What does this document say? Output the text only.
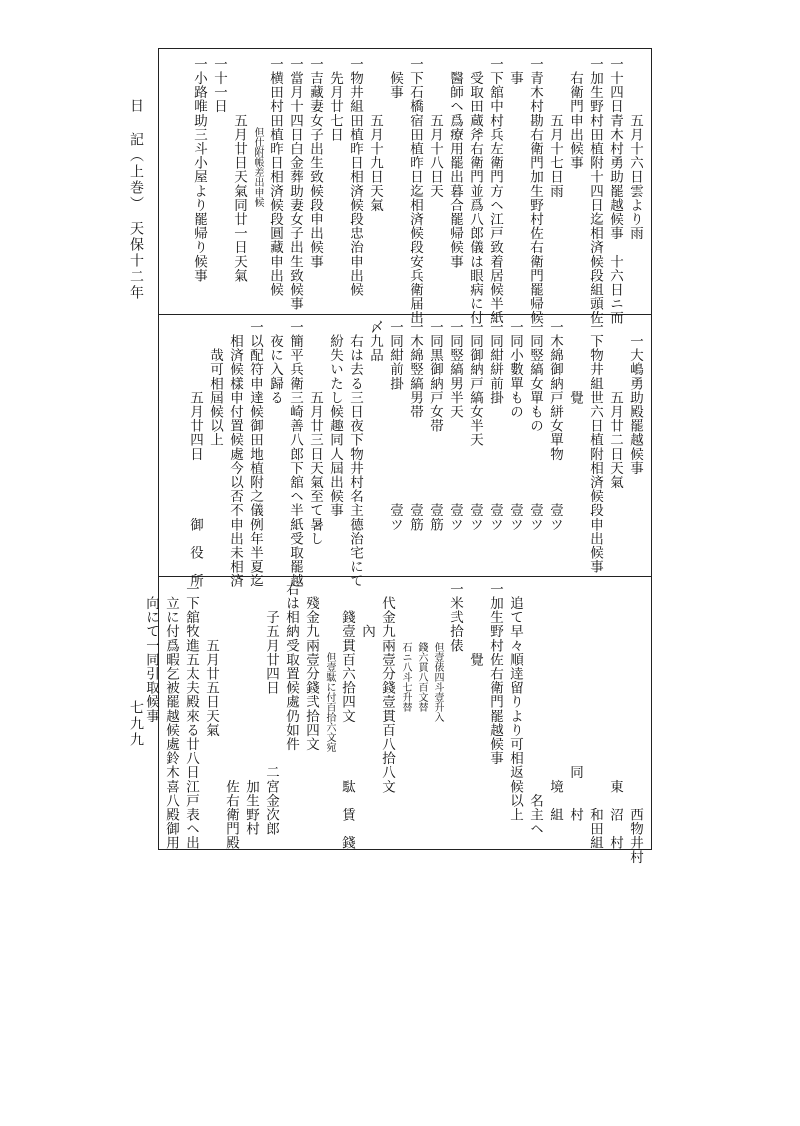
日 記（上巻）　天保十二年
七九九
　　　　五月十六日雲より雨
一十四日青木村勇助罷越候事　十六日ニ而
一加生野村田植附十四日迄相済候段組頭佐
　右衛門申出候事
　　　　五月十七日雨
一青木村勘右衛門加生野村佐右衛門罷帰候
　事
一下舘中村兵左衛門方ヘ江戸致着居候半紙
　受取田蔵斧右衛門並爲八郎儀は眼病に付
　醫師ヘ爲療用罷出暮合罷帰候事
　　　　五月十八日天
一下石橋宿田植昨日迄相済候段安兵衛届出
　候事
　　　　五月十九日天氣
一物井組田植昨日相済候段忠治申出候
　先月廿七日
一吉藏妻女子出生致候段申出候事
一當月十四日白金葬助妻女子出生致候事
一横田村田植昨日相済候段圓藏申出候
　　　　　　　但仕附帳差出申候
　　　　五月廿日天氣同廿一日天氣
一十一日
一小路唯助三斗小屋より罷帰り候事
　一大嶋勇助殿罷越候事
　　　　　五月廿二日天氣
一下物井組世六日植附相済候段申出候事
　　　　　覺
一木綿御納戸絣女單物　　　壹ツ
一同竪縞女單もの　　　　　壹ツ
一同小數單もの　　　　　　壹ツ
一同紺絣前掛　　　　　　　壹ツ
一同御納戸縞女半天　　　　壹ツ
一同竪縞男半天　　　　　　壹ツ
一同黒御納戸女帯　　　　　壹筋
一木綿竪縞男帯　　　　　　壹筋
一同紺前掛　　　　　　　　壹ツ
〆九品
　右は去る三日夜下物井村名主德治宅にて
　紛失いたし候趣同人屆出候事
　　　　　五月廿三日天氣至て暑し
一簡平兵衛三崎善八郎下舘ヘ半紙受取罷越
　夜に入歸る
一以配符申達候御田地植附之儀例年半夏迄
　相済候樣申付置候處今以否不申出未相済
　　哉可相屆候以上
　　　　　五月廿四日　　　　御　役　所
　　　　　　　　　　　　　　　　西物井村
　　　　　　　　　　　　　　東　沼　村
　　　　　　　　　　　　　　　　和田組
　　　　　　　　　　　　　同　　村
　　　　　　　　　　　　　　境　組
　　　　　　　　　　　　　　　名主ヘ
　追て早々順逹留りより可相返候以上
一加生野村佐右衛門罷越候事
　　　　　覺
一米弐拾俵
　　　　　　但壹俵四斗壹升入
　　　　　　錢六貫八百文替
　　　　　　石ニ八斗七升替
　代金九兩壹分錢壹貫百八拾八文
　　　內
　　錢壹貫百六拾四文　　　　駄　賃　錢
　　　　　　　但壹駄に付百拾六文宛
　殘金九兩壹分錢弐拾四文
右は相納受取置候處仍如件
　　子五月廿四日　　　　　二宮金次郎
　　　　　　　　　　　　　　加生野村
　　　　　　　　　　　　　　佐右衛門殿
　　　　五月廿五日天氣
一下舘牧進五太夫殿來る廿八日江戸表ヘ出
　立に付爲暇乞被罷越候處鈴木喜八殿御用
　向にて一同引取候事
